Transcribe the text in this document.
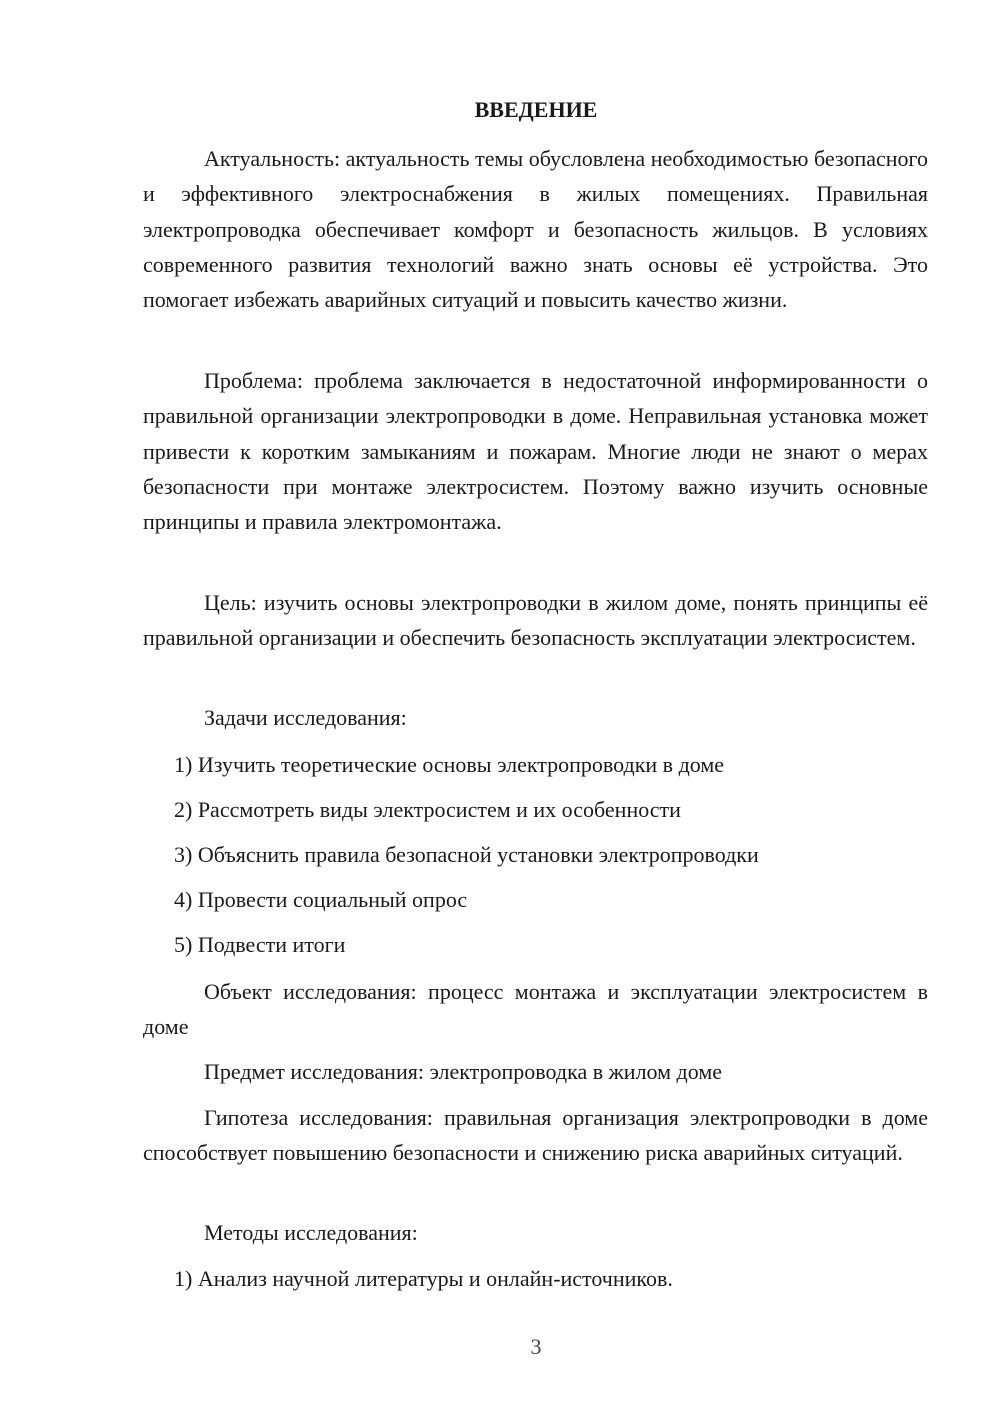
ВВЕДЕНИЕ

Актуальность: актуальность темы обусловлена необходимостью безопасного и эффективного электроснабжения в жилых помещениях. Правильная электропроводка обеспечивает комфорт и безопасность жильцов. В условиях современного развития технологий важно знать основы её устройства. Это помогает избежать аварийных ситуаций и повысить качество жизни.

Проблема: проблема заключается в недостаточной информированности о правильной организации электропроводки в доме. Неправильная установка может привести к коротким замыканиям и пожарам. Многие люди не знают о мерах безопасности при монтаже электросистем. Поэтому важно изучить основные принципы и правила электромонтажа.

Цель: изучить основы электропроводки в жилом доме, понять принципы её правильной организации и обеспечить безопасность эксплуатации электросистем.

Задачи исследования:
1) Изучить теоретические основы электропроводки в доме
2) Рассмотреть виды электросистем и их особенности
3) Объяснить правила безопасной установки электропроводки
4) Провести социальный опрос
5) Подвести итоги

Объект исследования: процесс монтажа и эксплуатации электросистем в доме

Предмет исследования: электропроводка в жилом доме

Гипотеза исследования: правильная организация электропроводки в доме способствует повышению безопасности и снижению риска аварийных ситуаций.

Методы исследования:
1) Анализ научной литературы и онлайн-источников.
3
